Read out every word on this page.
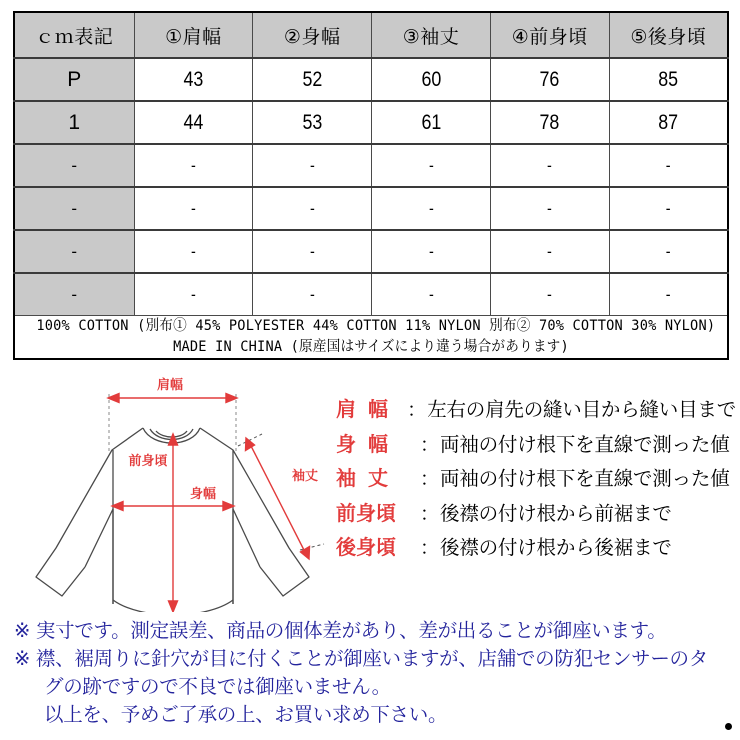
ｃｍ表記	①肩幅	②身幅	③袖丈	④前身頃	⑤後身頃
P	43	52	60	76	85
1	44	53	61	78	87
-	-	-	-	-	-
-	-	-	-	-	-
-	-	-	-	-	-
-	-	-	-	-	-

100% COTTON (別布① 45% POLYESTER 44% COTTON 11% NYLON 別布② 70% COTTON 30% NYLON)
MADE IN CHINA (原産国はサイズにより違う場合があります)					
肩幅
身幅
前身頃
袖丈
肩幅 ： 左右の肩先の縫い目から縫い目まで
身幅	： 両袖の付け根下を直線で測った値
袖丈	： 両袖の付け根下を直線で測った値
前身頃	： 後襟の付け根から前裾まで
後身頃	： 後襟の付け根から後裾まで
※ 実寸です。測定誤差、商品の個体差があり、差が出ることが御座います。
※ 襟、裾周りに針穴が目に付くことが御座いますが、店舗での防犯センサーのタ
グの跡ですので不良では御座いません。
以上を、予めご了承の上、お買い求め下さい。
